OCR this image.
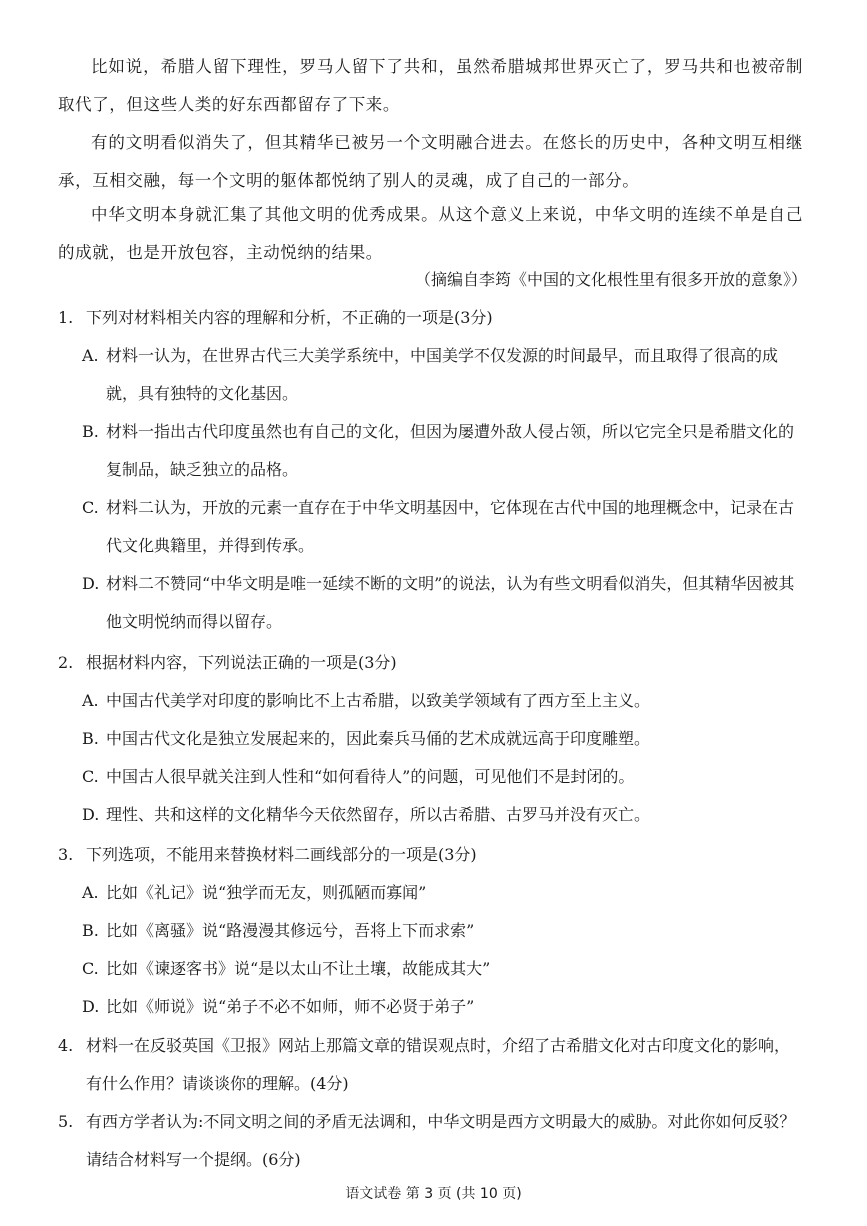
比如说，希腊人留下理性，罗马人留下了共和，虽然希腊城邦世界灭亡了，罗马共和也被帝制取代了，但这些人类的好东西都留存了下来。
有的文明看似消失了，但其精华已被另一个文明融合进去。在悠长的历史中，各种文明互相继承，互相交融，每一个文明的躯体都悦纳了别人的灵魂，成了自己的一部分。
中华文明本身就汇集了其他文明的优秀成果。从这个意义上来说，中华文明的连续不单是自己的成就，也是开放包容，主动悦纳的结果。
（摘编自李筠《中国的文化根性里有很多开放的意象》）
1. 下列对材料相关内容的理解和分析，不正确的一项是(3分)
A. 材料一认为，在世界古代三大美学系统中，中国美学不仅发源的时间最早，而且取得了很高的成就，具有独特的文化基因。
B. 材料一指出古代印度虽然也有自己的文化，但因为屡遭外敌人侵占领，所以它完全只是希腊文化的复制品，缺乏独立的品格。
C. 材料二认为，开放的元素一直存在于中华文明基因中，它体现在古代中国的地理概念中，记录在古代文化典籍里，并得到传承。
D. 材料二不赞同“中华文明是唯一延续不断的文明”的说法，认为有些文明看似消失，但其精华因被其他文明悦纳而得以留存。
2. 根据材料内容，下列说法正确的一项是(3分)
A. 中国古代美学对印度的影响比不上古希腊，以致美学领域有了西方至上主义。
B. 中国古代文化是独立发展起来的，因此秦兵马俑的艺术成就远高于印度雕塑。
C. 中国古人很早就关注到人性和“如何看待人”的问题，可见他们不是封闭的。
D. 理性、共和这样的文化精华今天依然留存，所以古希腊、古罗马并没有灭亡。
3. 下列选项，不能用来替换材料二画线部分的一项是(3分)
A. 比如《礼记》说“独学而无友，则孤陋而寡闻”
B. 比如《离骚》说“路漫漫其修远兮，吾将上下而求索”
C. 比如《谏逐客书》说“是以太山不让土壤，故能成其大”
D. 比如《师说》说“弟子不必不如师，师不必贤于弟子”
4. 材料一在反驳英国《卫报》网站上那篇文章的错误观点时，介绍了古希腊文化对古印度文化的影响，有什么作用？请谈谈你的理解。(4分)
5. 有西方学者认为:不同文明之间的矛盾无法调和，中华文明是西方文明最大的威胁。对此你如何反驳？请结合材料写一个提纲。(6分)
语文试卷 第 3 页 (共 10 页)
